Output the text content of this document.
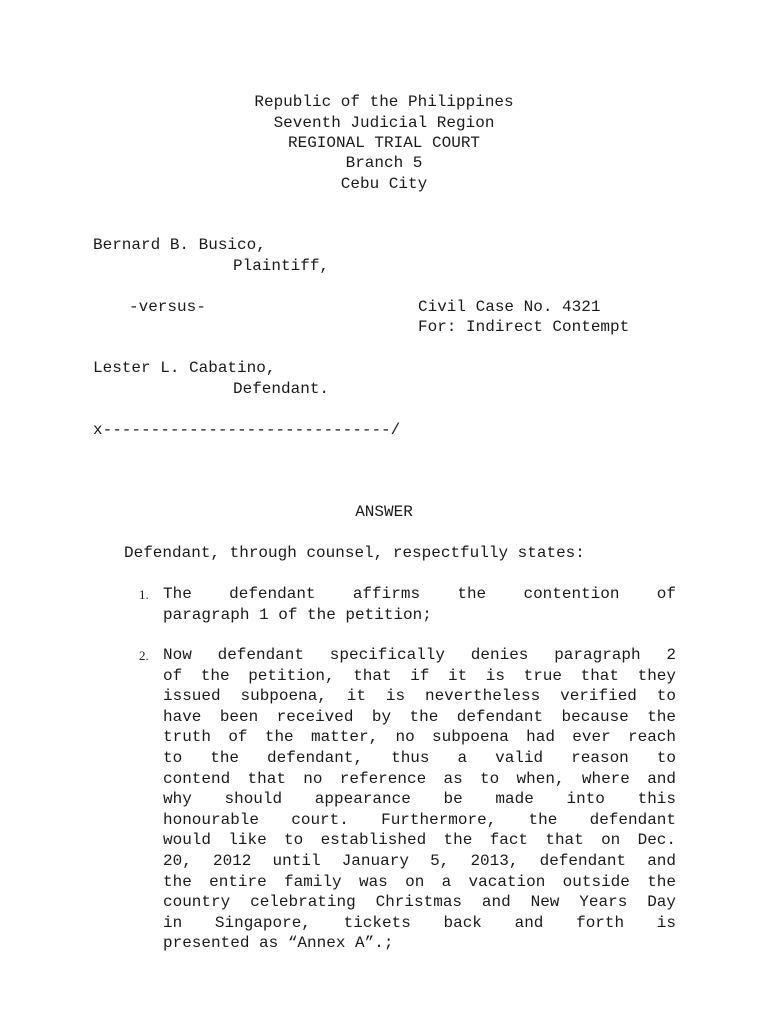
Republic of the Philippines
Seventh Judicial Region
REGIONAL TRIAL COURT
Branch 5
Cebu City
Bernard B. Busico,
Plaintiff,
-versus-	Civil Case No. 4321
For: Indirect Contempt
Lester L. Cabatino,
Defendant.
x------------------------------/
ANSWER
Defendant, through counsel, respectfully states:
1. The defendant affirms the contention of
paragraph 1 of the petition;
2. Now defendant specifically denies paragraph 2
of the petition, that if it is true that they
issued subpoena, it is nevertheless verified to
have been received by the defendant because the
truth of the matter, no subpoena had ever reach
to the defendant, thus a valid reason to
contend that no reference as to when, where and
why should appearance be made into this
honourable court. Furthermore, the defendant
would like to established the fact that on Dec.
20, 2012 until January 5, 2013, defendant and
the entire family was on a vacation outside the
country celebrating Christmas and New Years Day
in Singapore, tickets back and forth is
presented as “Annex A”.;
